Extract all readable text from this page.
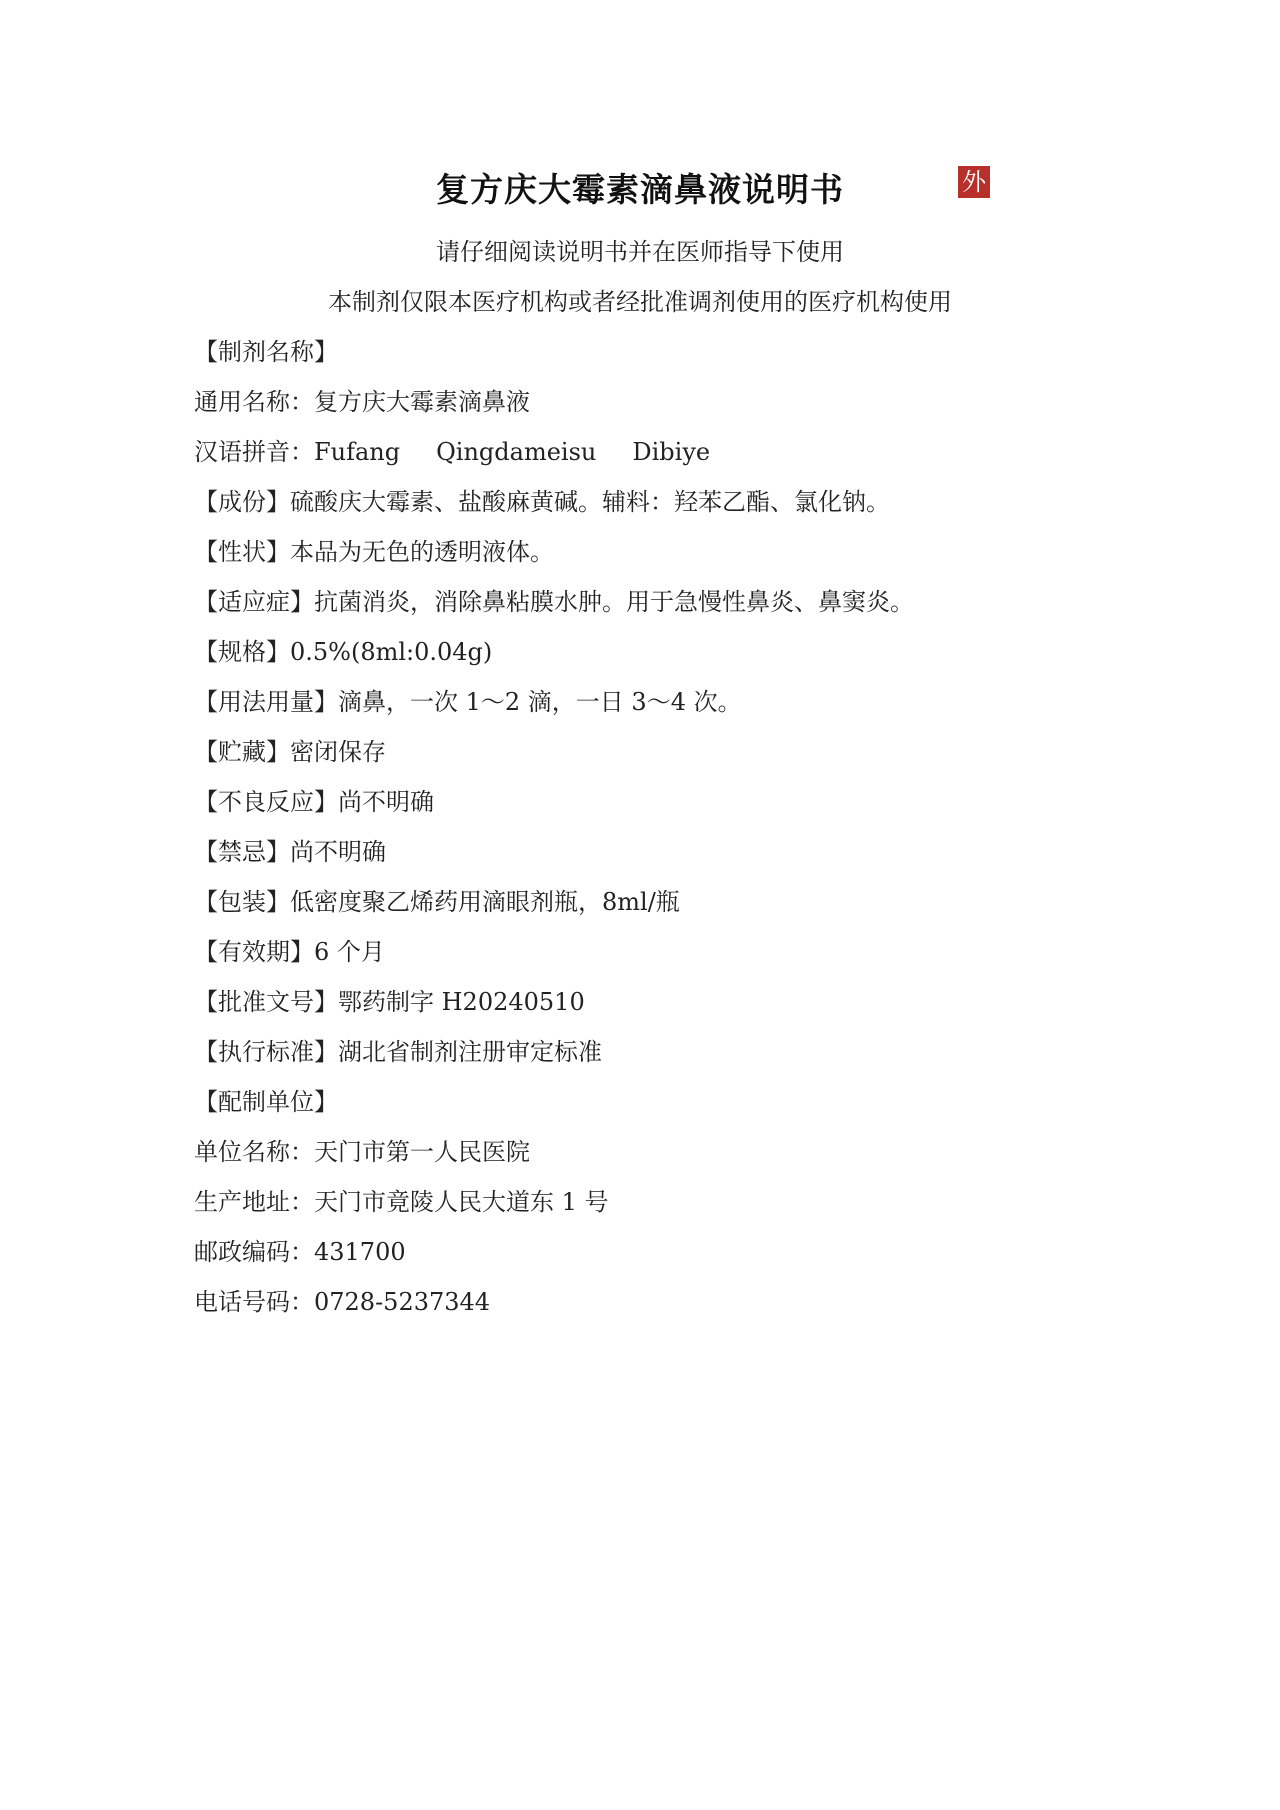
复方庆大霉素滴鼻液说明书	外
请仔细阅读说明书并在医师指导下使用
本制剂仅限本医疗机构或者经批准调剂使用的医疗机构使用
【制剂名称】
通用名称：复方庆大霉素滴鼻液
汉语拼音：Fufang Qingdameisu Dibiye
【成份】硫酸庆大霉素、盐酸麻黄碱。辅料：羟苯乙酯、氯化钠。
【性状】本品为无色的透明液体。
【适应症】抗菌消炎，消除鼻粘膜水肿。用于急慢性鼻炎、鼻窦炎。
【规格】0.5%(8ml:0.04g)
【用法用量】滴鼻，一次 1～2 滴，一日 3～4 次。
【贮藏】密闭保存
【不良反应】尚不明确
【禁忌】尚不明确
【包装】低密度聚乙烯药用滴眼剂瓶，8ml/瓶
【有效期】6 个月
【批准文号】鄂药制字 H20240510
【执行标准】湖北省制剂注册审定标准
【配制单位】
单位名称：天门市第一人民医院
生产地址：天门市竟陵人民大道东 1 号
邮政编码：431700
电话号码：0728-5237344
